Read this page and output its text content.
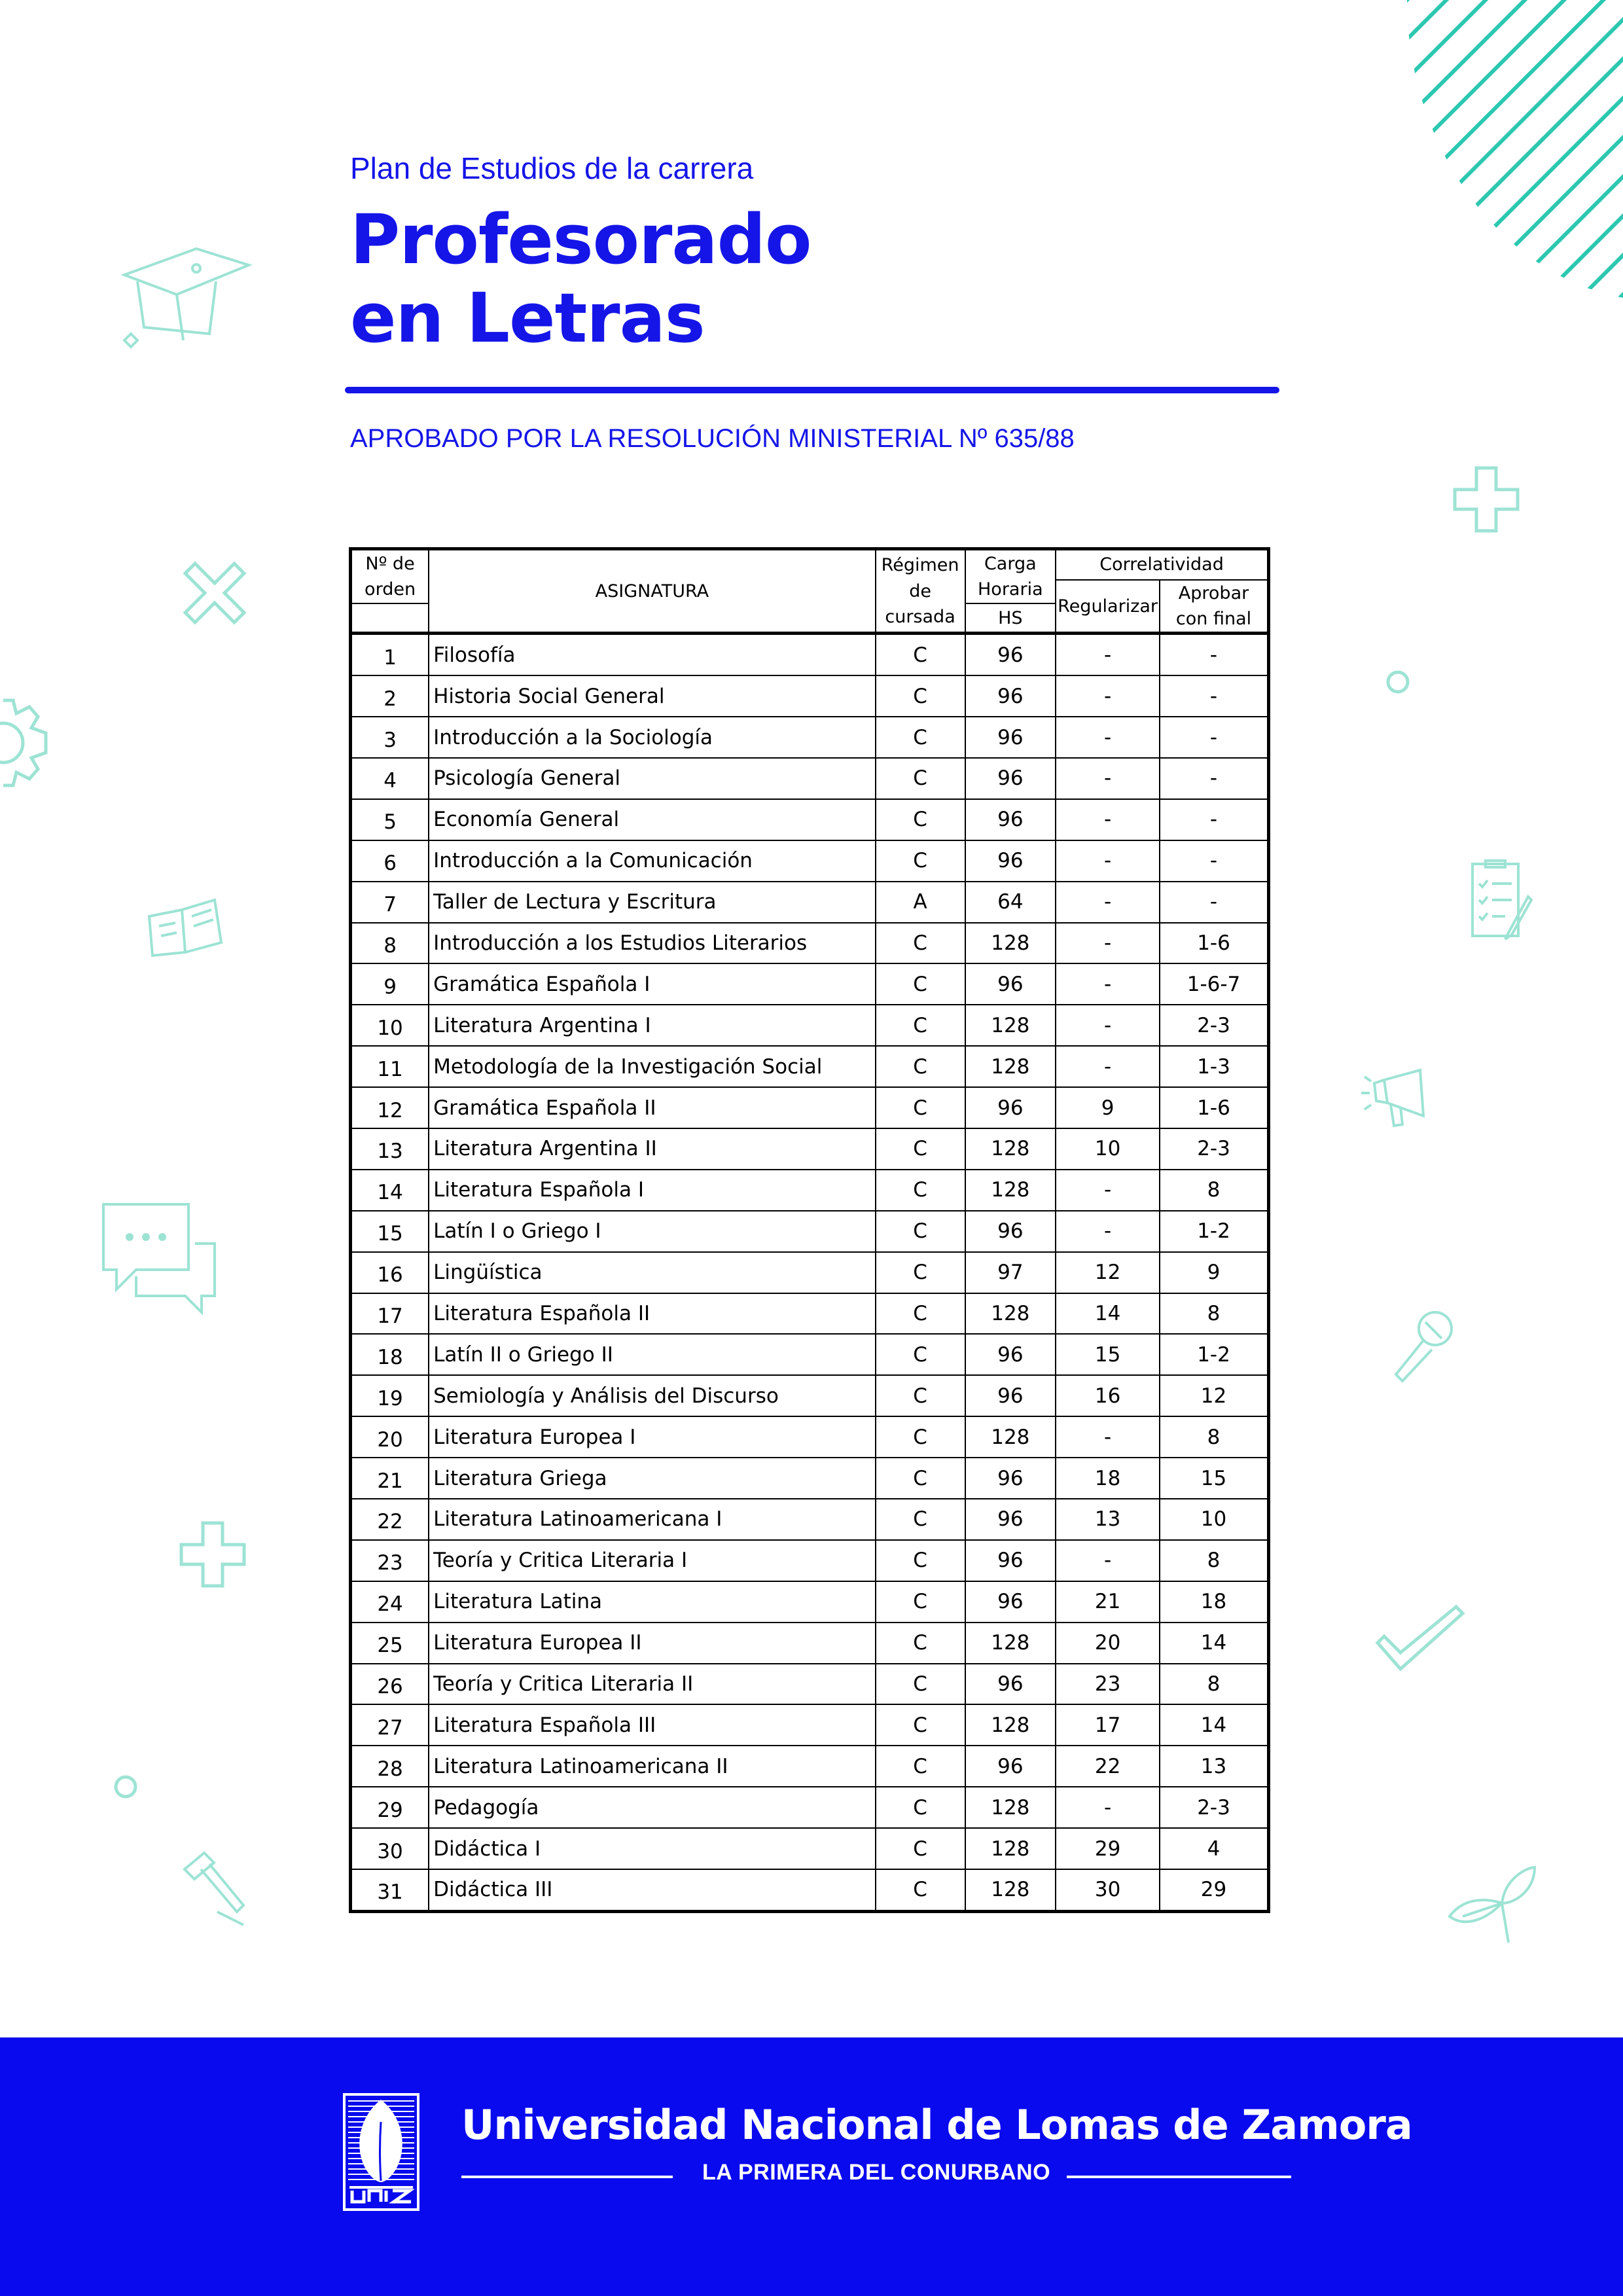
Plan de Estudios de la carrera

Profesorado
en Letras
APROBADO POR LA RESOLUCIÓN MINISTERIAL Nº 635/88
Nº de orden	ASIGNATURA	Régimen de cursada	Carga Horaria	Correlatividad	
				Regularizar	Aprobar con final
			HS		
1	Filosofía	C	96	-	-
2	Historia Social General	C	96	-	-
3	Introducción a la Sociología	C	96	-	-
4	Psicología General	C	96	-	-
5	Economía General	C	96	-	-
6	Introducción a la Comunicación	C	96	-	-
7	Taller de Lectura y Escritura	A	64	-	-
8	Introducción a los Estudios Literarios	C	128	-	1-6
9	Gramática Española I	C	96	-	1-6-7
10	Literatura Argentina I	C	128	-	2-3
11	Metodología de la Investigación Social	C	128	-	1-3
12	Gramática Española II	C	96	9	1-6
13	Literatura Argentina II	C	128	10	2-3
14	Literatura Española I	C	128	-	8
15	Latín I o Griego I	C	96	-	1-2
16	Lingüística	C	97	12	9
17	Literatura Española II	C	128	14	8
18	Latín II o Griego II	C	96	15	1-2
19	Semiología y Análisis del Discurso	C	96	16	12
20	Literatura Europea I	C	128	-	8
21	Literatura Griega	C	96	18	15
22	Literatura Latinoamericana I	C	96	13	10
23	Teoría y Critica Literaria I	C	96	-	8
24	Literatura Latina	C	96	21	18
25	Literatura Europea II	C	128	20	14
26	Teoría y Critica Literaria II	C	96	23	8
27	Literatura Española III	C	128	17	14
28	Literatura Latinoamericana II	C	96	22	13
29	Pedagogía	C	128	-	2-3
30	Didáctica I	C	128	29	4
31	Didáctica III	C	128	30	29
Universidad Nacional de Lomas de Zamora
LA PRIMERA DEL CONURBANO
